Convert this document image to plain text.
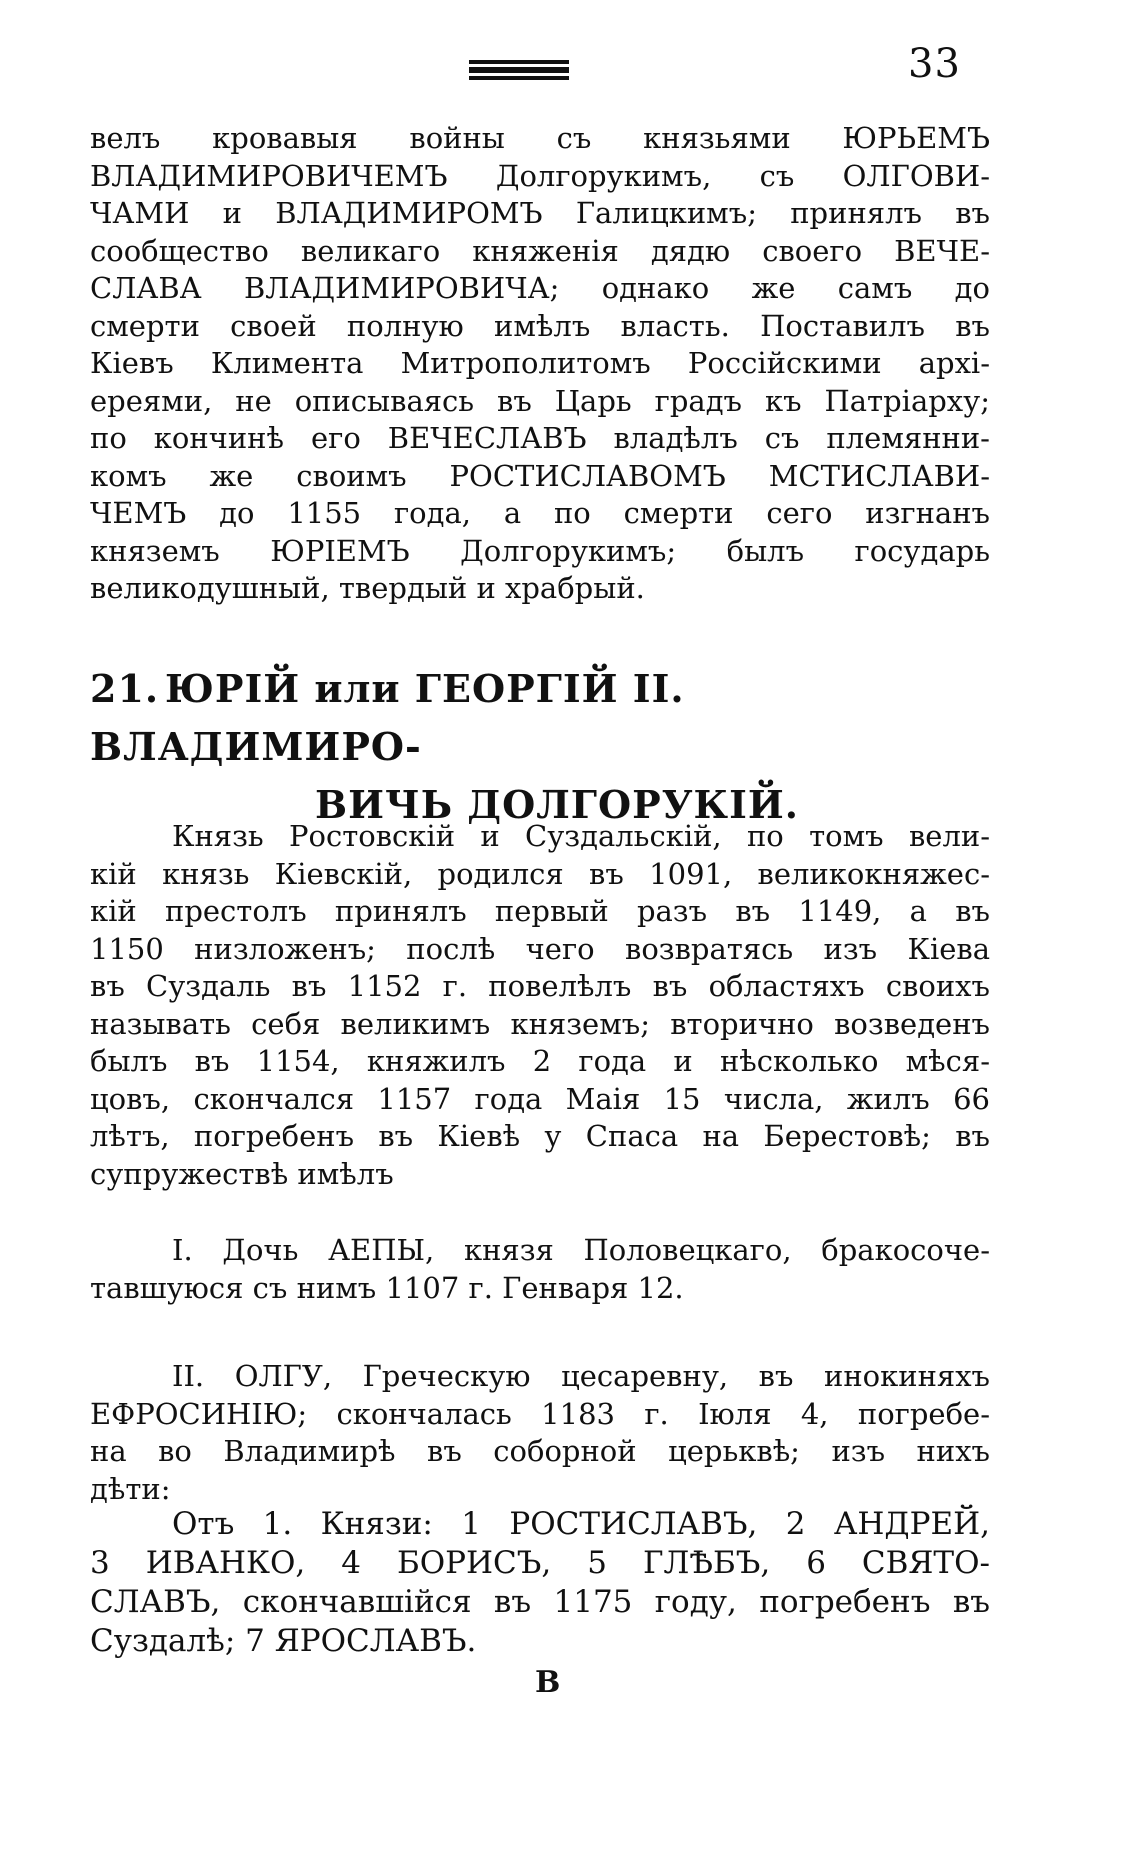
33
велъ кровавыя войны съ князьями ЮРЬЕМЪ
ВЛАДИМИРОВИЧЕМЪ Долгорукимъ, съ ОЛГОВИ-
ЧАМИ и ВЛАДИМИРОМЪ Галицкимъ; принялъ въ
сообщество великаго княженія дядю своего ВЕЧЕ-
СЛАВА ВЛАДИМИРОВИЧА; однако же самъ до
смерти своей полную имѣлъ власть. Поставилъ въ
Кіевъ Климента Митрополитомъ Россійскими архі-
ереями, не описываясь въ Царь градъ къ Патріарху;
по кончинѣ его ВЕЧЕСЛАВЪ владѣлъ съ племянни-
комъ же своимъ РОСТИСЛАВОМЪ МСТИСЛАВИ-
ЧЕМЪ до 1155 года, а по смерти сего изгнанъ
княземъ ЮРІЕМЪ Долгорукимъ; былъ государь
великодушный, твердый и храбрый.
21. ЮРІЙ или ГЕОРГІЙ II. ВЛАДИМИРО-
ВИЧЬ ДОЛГОРУКІЙ.
Князь Ростовскій и Суздальскій, по томъ вели-
кій князь Кіевскій, родился въ 1091, великокняжес-
кій престолъ принялъ первый разъ въ 1149, а въ
1150 низложенъ; послѣ чего возвратясь изъ Кіева
въ Суздаль въ 1152 г. повелѣлъ въ областяхъ своихъ
называть себя великимъ княземъ; вторично возведенъ
былъ въ 1154, княжилъ 2 года и нѣсколько мѣся-
цовъ, скончался 1157 года Маія 15 числа, жилъ 66
лѣтъ, погребенъ въ Кіевѣ у Спаса на Берестовѣ; въ
супружествѣ имѣлъ
I. Дочь АЕПЫ, князя Половецкаго, бракосоче-
тавшуюся съ нимъ 1107 г. Генваря 12.
II. ОЛГУ, Греческую цесаревну, въ инокиняхъ
ЕФРОСИНІЮ; скончалась 1183 г. Іюля 4, погребе-
на во Владимирѣ въ соборной церьквѣ; изъ нихъ
дѣти:
Отъ 1. Князи: 1 РОСТИСЛАВЪ, 2 АНДРЕЙ,
3 ИВАНКО, 4 БОРИСЪ, 5 ГЛѢБЪ, 6 СВЯТО-
СЛАВЪ, скончавшійся въ 1175 году, погребенъ въ
Суздалѣ; 7 ЯРОСЛАВЪ.
В
